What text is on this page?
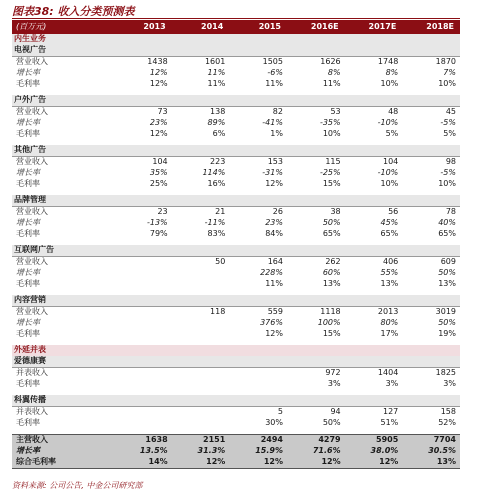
图表38: 收入分类预测表
(百万元)	2013	2014	2015	2016E	2017E	2018E
内生业务						
电视广告						
营业收入	1438	1601	1505	1626	1748	1870
增长率	12%	11%	-6%	8%	8%	7%
毛利率	12%	11%	11%	11%	10%	10%

户外广告						
营业收入	73	138	82	53	48	45
增长率	23%	89%	-41%	-35%	-10%	-5%
毛利率	12%	6%	1%	10%	5%	5%

其他广告						
营业收入	104	223	153	115	104	98
增长率	35%	114%	-31%	-25%	-10%	-5%
毛利率	25%	16%	12%	15%	10%	10%

品牌管理						
营业收入	23	21	26	38	56	78
增长率	-13%	-11%	23%	50%	45%	40%
毛利率	79%	83%	84%	65%	65%	65%

互联网广告						
营业收入		50	164	262	406	609
增长率			228%	60%	55%	50%
毛利率			11%	13%	13%	13%

内容营销						
营业收入		118	559	1118	2013	3019
增长率			376%	100%	80%	50%
毛利率			12%	15%	17%	19%

外延并表						
爱德康赛						
并表收入				972	1404	1825
毛利率				3%	3%	3%

科翼传播						
并表收入			5	94	127	158
毛利率			30%	50%	51%	52%

主营收入	1638	2151	2494	4279	5905	7704
增长率	13.5%	31.3%	15.9%	71.6%	38.0%	30.5%
综合毛利率	14%	12%	12%	12%	12%	13%
资料来源: 公司公告, 中金公司研究部
